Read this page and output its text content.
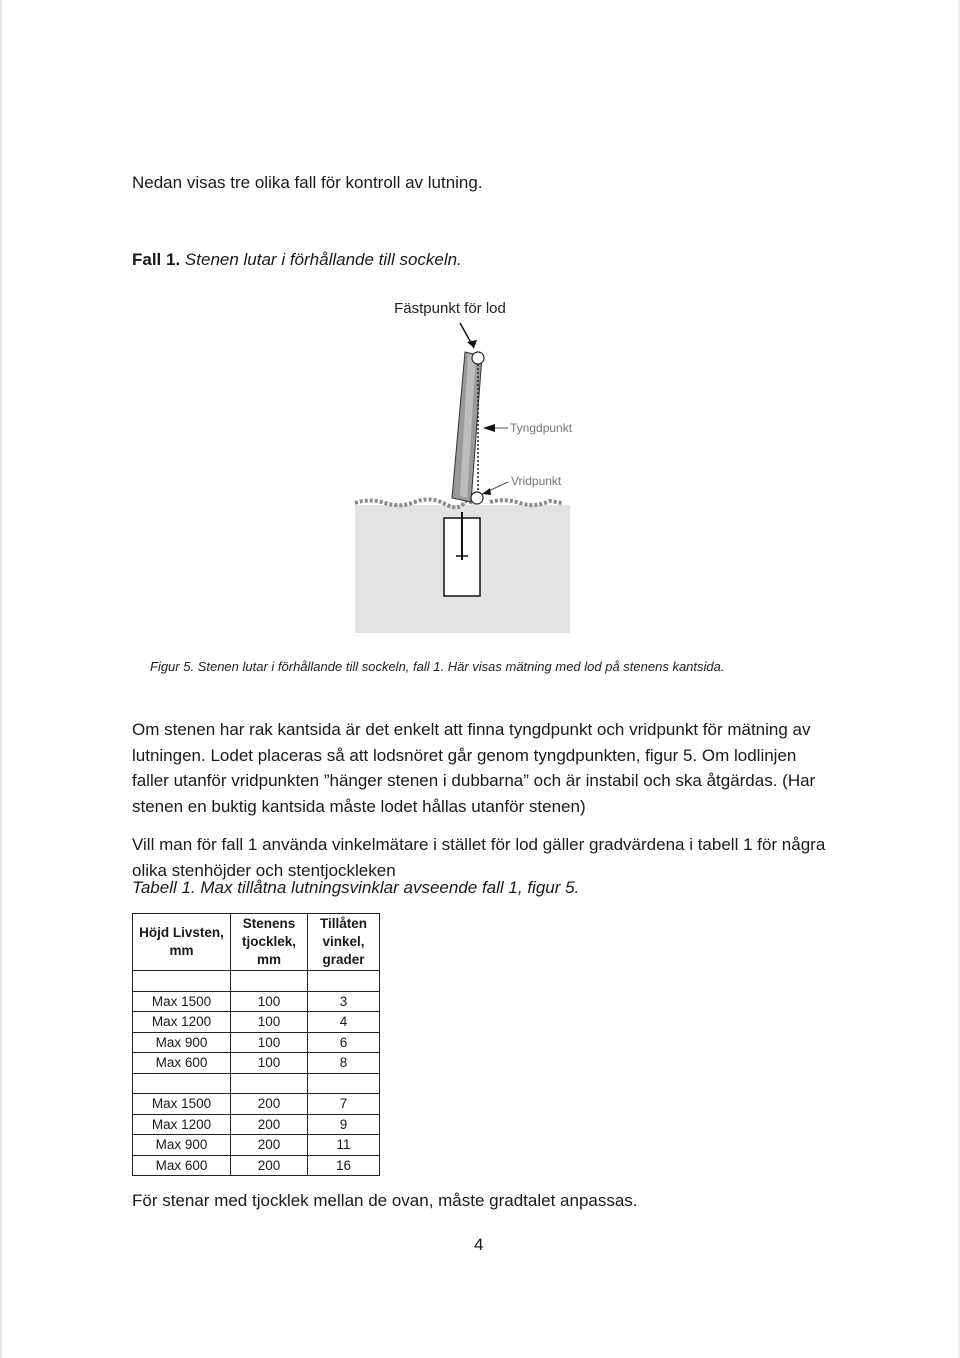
Nedan visas tre olika fall för kontroll av lutning.
Fall 1. Stenen lutar i förhållande till sockeln.
Fästpunkt för lod
Tyngdpunkt
Vridpunkt
Figur 5. Stenen lutar i förhållande till sockeln, fall 1. Här visas mätning med lod på stenens kantsida.

Om stenen har rak kantsida är det enkelt att finna tyngdpunkt och vridpunkt för mätning av lutningen. Lodet placeras så att lodsnöret går genom tyngdpunkten, figur 5. Om lodlinjen faller utanför vridpunkten ”hänger stenen i dubbarna” och är instabil och ska åtgärdas. (Har stenen en buktig kantsida måste lodet hållas utanför stenen)

Vill man för fall 1 använda vinkelmätare i stället för lod gäller gradvärdena i tabell 1 för några olika stenhöjder och stentjockleken

Tabell 1. Max tillåtna lutningsvinklar avseende fall 1, figur 5.
Höjd Livsten, mm	Stenens tjocklek, mm	Tillåten vinkel, grader

Max 1500	100	3
Max 1200	100	4
Max 900	100	6
Max 600	100	8

Max 1500	200	7
Max 1200	200	9
Max 900	200	11
Max 600	200	16
För stenar med tjocklek mellan de ovan, måste gradtalet anpassas.
4
